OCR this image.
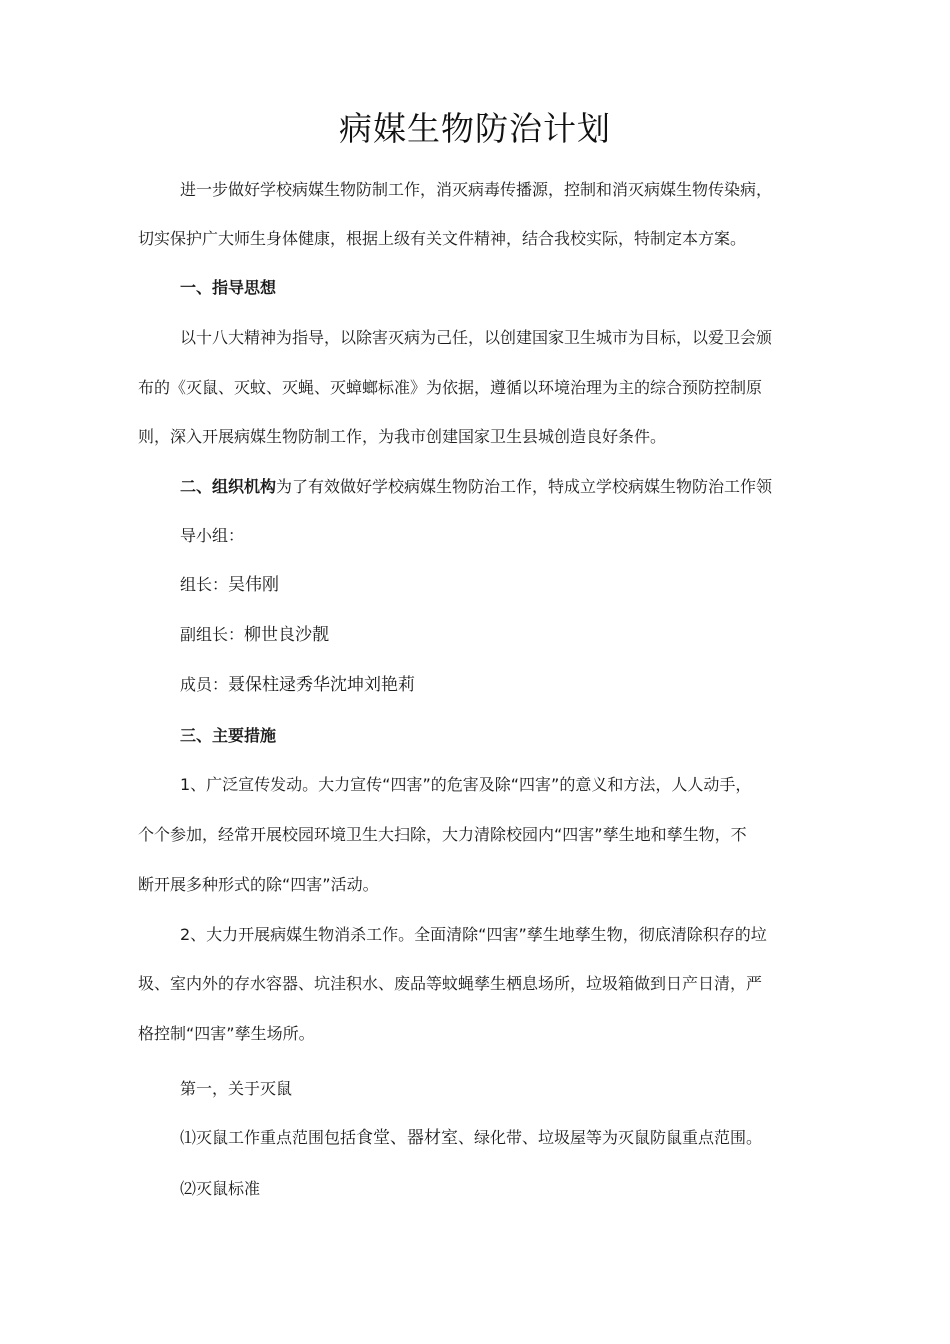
病媒生物防治计划
进一步做好学校病媒生物防制工作，消灭病毒传播源，控制和消灭病媒生物传染病，
切实保护广大师生身体健康，根据上级有关文件精神，结合我校实际，特制定本方案。
一、指导思想
以十八大精神为指导，以除害灭病为己任，以创建国家卫生城市为目标，以爱卫会颁
布的《灭鼠、灭蚊、灭蝇、灭蟑螂标准》为依据，遵循以环境治理为主的综合预防控制原
则，深入开展病媒生物防制工作，为我市创建国家卫生县城创造良好条件。
二、组织机构为了有效做好学校病媒生物防治工作，特成立学校病媒生物防治工作领
导小组：
组长：吴伟刚
副组长：柳世良沙靓
成员：聂保柱逯秀华沈坤刘艳莉
三、主要措施
1、广泛宣传发动。大力宣传“四害”的危害及除“四害”的意义和方法，人人动手，
个个参加，经常开展校园环境卫生大扫除，大力清除校园内“四害”孳生地和孳生物，不
断开展多种形式的除“四害”活动。
2、大力开展病媒生物消杀工作。全面清除“四害”孳生地孳生物，彻底清除积存的垃
圾、室内外的存水容器、坑洼积水、废品等蚊蝇孳生栖息场所，垃圾箱做到日产日清，严
格控制“四害”孳生场所。
第一，关于灭鼠
⑴灭鼠工作重点范围包括食堂、器材室、绿化带、垃圾屋等为灭鼠防鼠重点范围。
⑵灭鼠标准
